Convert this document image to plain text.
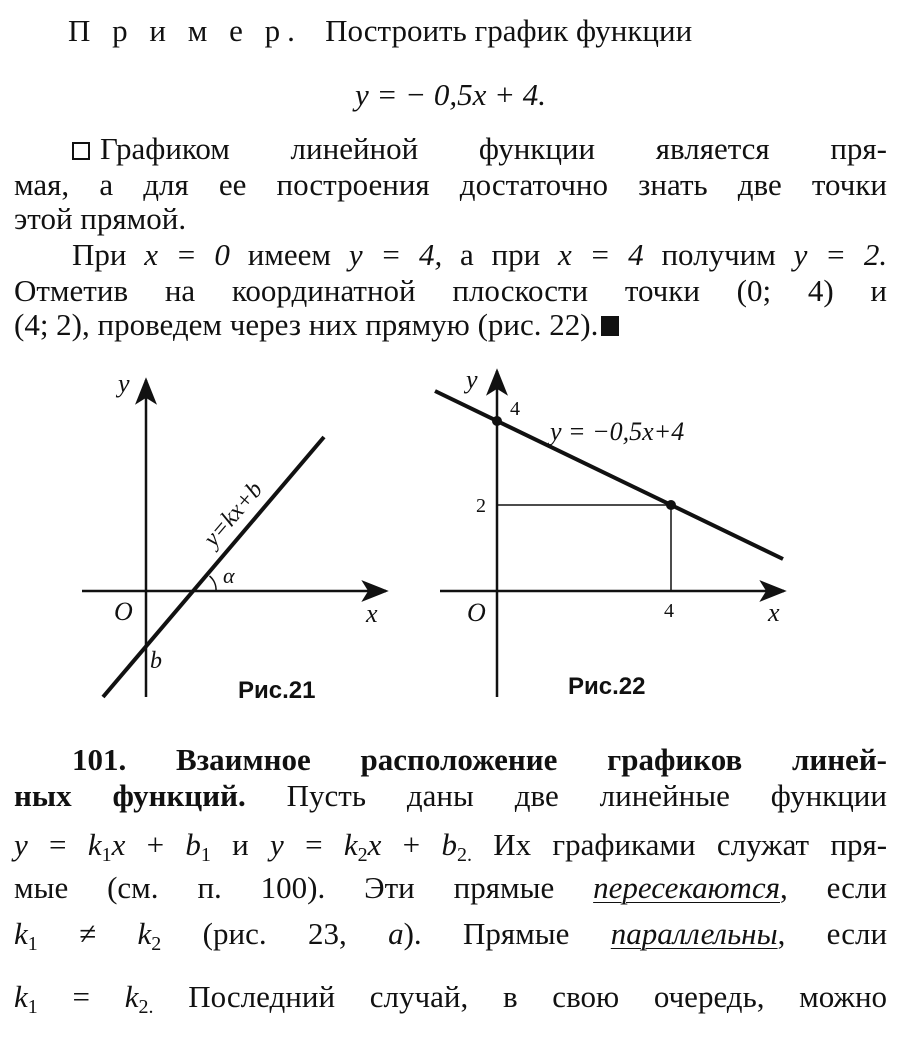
П р и м е р. Построить график функции
y = − 0,5x + 4.
Графиком линейной функции является пря-
мая, а для ее построения достаточно знать две точки
этой прямой.
При x = 0 имеем y = 4, а при x = 4 получим y = 2.
Отметив на координатной плоскости точки (0; 4) и
(4; 2), проведем через них прямую (рис. 22).
y
x
O
b
α
y=kx+b
Рис.21
y
x
O
4
2
4
y = −0,5x+4
Рис.22
101. Взаимное расположение графиков линей-
ных функций. Пусть даны две линейные функции
$y = k_1x + b_1$ и $y = k_2x + b_{2.}$ Их графиками служат пря-
мые (см. п. 100). Эти прямые пересекаются, если
$k_1 \ne k_2$ (рис. 23, a). Прямые параллельны, если
$k_1 = k_{2.}$ Последний случай, в свою очередь, можно
